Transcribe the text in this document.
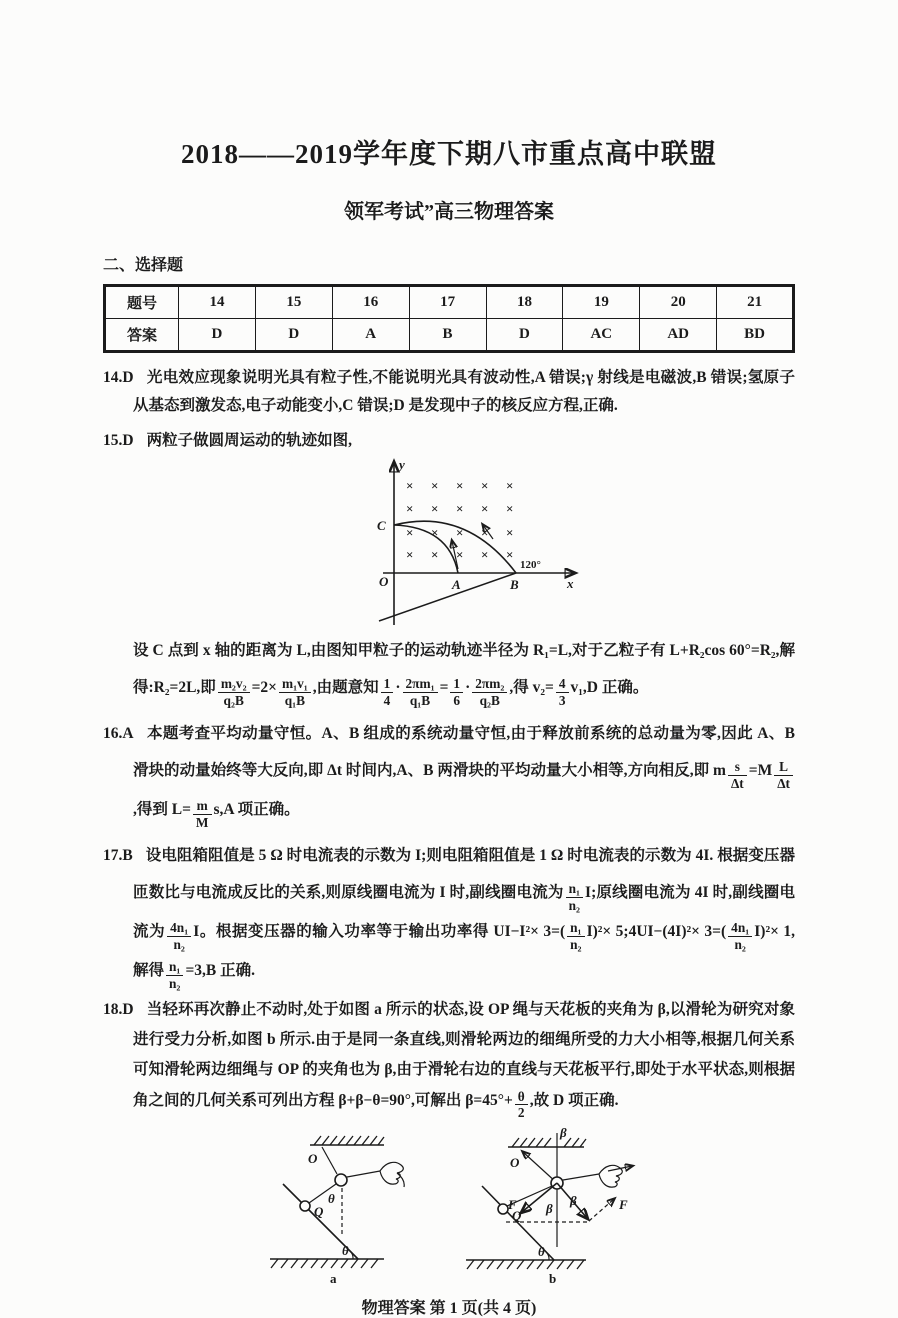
2018——2019学年度下期八市重点高中联盟
领军考试”高三物理答案
二、选择题
题号	14	15	16	17	18	19	20	21
答案	D	D	A	B	D	AC	AD	BD
14.D 光电效应现象说明光具有粒子性,不能说明光具有波动性,A 错误;γ 射线是电磁波,B 错误;氢原子从基态到激发态,电子动能变小,C 错误;D 是发现中子的核反应方程,正确.
15.D 两粒子做圆周运动的轨迹如图,
y
x
O
C
A	B
120°
× × × × ×
× × × × ×
× × × × ×
× × × × ×
设 C 点到 x 轴的距离为 L,由图知甲粒子的运动轨迹半径为 R₁=L,对于乙粒子有 L+R₂cos 60°=R₂,解得:R₂=2L,即 $\frac{\text{m₂v₂}}{\text{q₂B}} =2\times \frac{\text{m₁v₁}}{\text{q₁B}}$ ,由题意知 $\frac{1}{4} \cdot \frac{\text{2πm₁}}{\text{q₁B}} = \frac{1}{6} \cdot \frac{\text{2πm₂}}{\text{q₂B}}$ ,得 $v_2= \frac{4}{3} v_1,D$ 正确。
16.A 本题考查平均动量守恒。A、B 组成的系统动量守恒,由于释放前系统的总动量为零,因此 A、B 滑块的动量始终等大反向,即 Δt 时间内,A、B 两滑块的平均动量大小相等,方向相反,即 m $\frac{s}{\Delta t} =M \frac{L}{\Delta t}$
,得到 $L= \frac{m}{M} s,A$ 项正确。
17.B 设电阻箱阻值是 5 Ω 时电流表的示数为 I;则电阻箱阻值是 1 Ω 时电流表的示数为 4I. 根据变压器匝数比与电流成反比的关系,则原线圈电流为 I 时,副线圈电流为 $\frac{\text{n₁}}{\text{n₂}} I$;原线圈电流为 4I 时,副线圈电流为 $\frac{\text{4n₁}}{\text{n₂}}$ I。根据变压器的输入功率等于输出功率得 $UI-I^2\times 3=( \frac{\text{n₁}}{\text{n₂}} I)^2\times$ 5;4UI−(4I)²× $3=( \frac{\text{4n₁}}{\text{n₂}} I)^2\times 1$,解得 $\frac{\text{n₁}}{\text{n₂}} =3,B$ 正确.
18.D 当轻环再次静止不动时,处于如图 a 所示的状态,设 OP 绳与天花板的夹角为 β,以滑轮为研究对象进行受力分析,如图 b 所示.由于是同一条直线,则滑轮两边的细绳所受的力大小相等,根据几何关系可知滑轮两边细绳与 OP 的夹角也为 β,由于滑轮右边的直线与天花板平行,即处于水平状态,则根据角之间的几何关系可列出方程 β+β−θ=90°,可解出 $\beta=45^\circ+ \frac{\theta}{2}$ ,故 D 项正确.
O
θ
Q
θ
a
β
O
F	F
β
β
Q
θ
b
物理答案 第 1 页(共 4 页)
